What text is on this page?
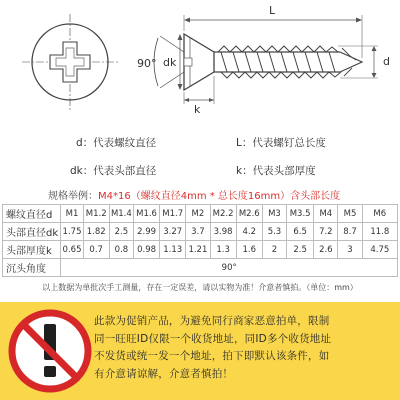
90° dk
k
L
d
d：代表螺纹直径	L：代表螺钉总长度
dk：代表头部直径	k：代表头部厚度
规格举例：M4*16（螺纹直径4mm * 总长度16mm）含头部长度
螺纹直径d	M1	M1.2	M1.4	M1.6	M1.7	M2	M2.2	M2.6	M3	M3.5	M4	M5	M6
头部直径dk	1.75	1.82	2.5	2.99	3.27	3.7	3.98	4.2	5.3	6.5	7.2	8.7	11.8
头部厚度k	0.65	0.7	0.8	0.98	1.13	1.21	1.3	1.6	2	2.5	2.6	3	4.75
沉头角度	90°												
以上数据为单批次手工测量，存在一定误差，请以实物为准！介意者慎拍。（单位：mm）
此款为促销产品，为避免同行商家恶意拍单，限制
同一旺旺ID仅限一个收货地址，同ID多个收货地址
不发货或统一发一个地址，拍下即默认该条件，如
有介意请谅解，介意者慎拍！
